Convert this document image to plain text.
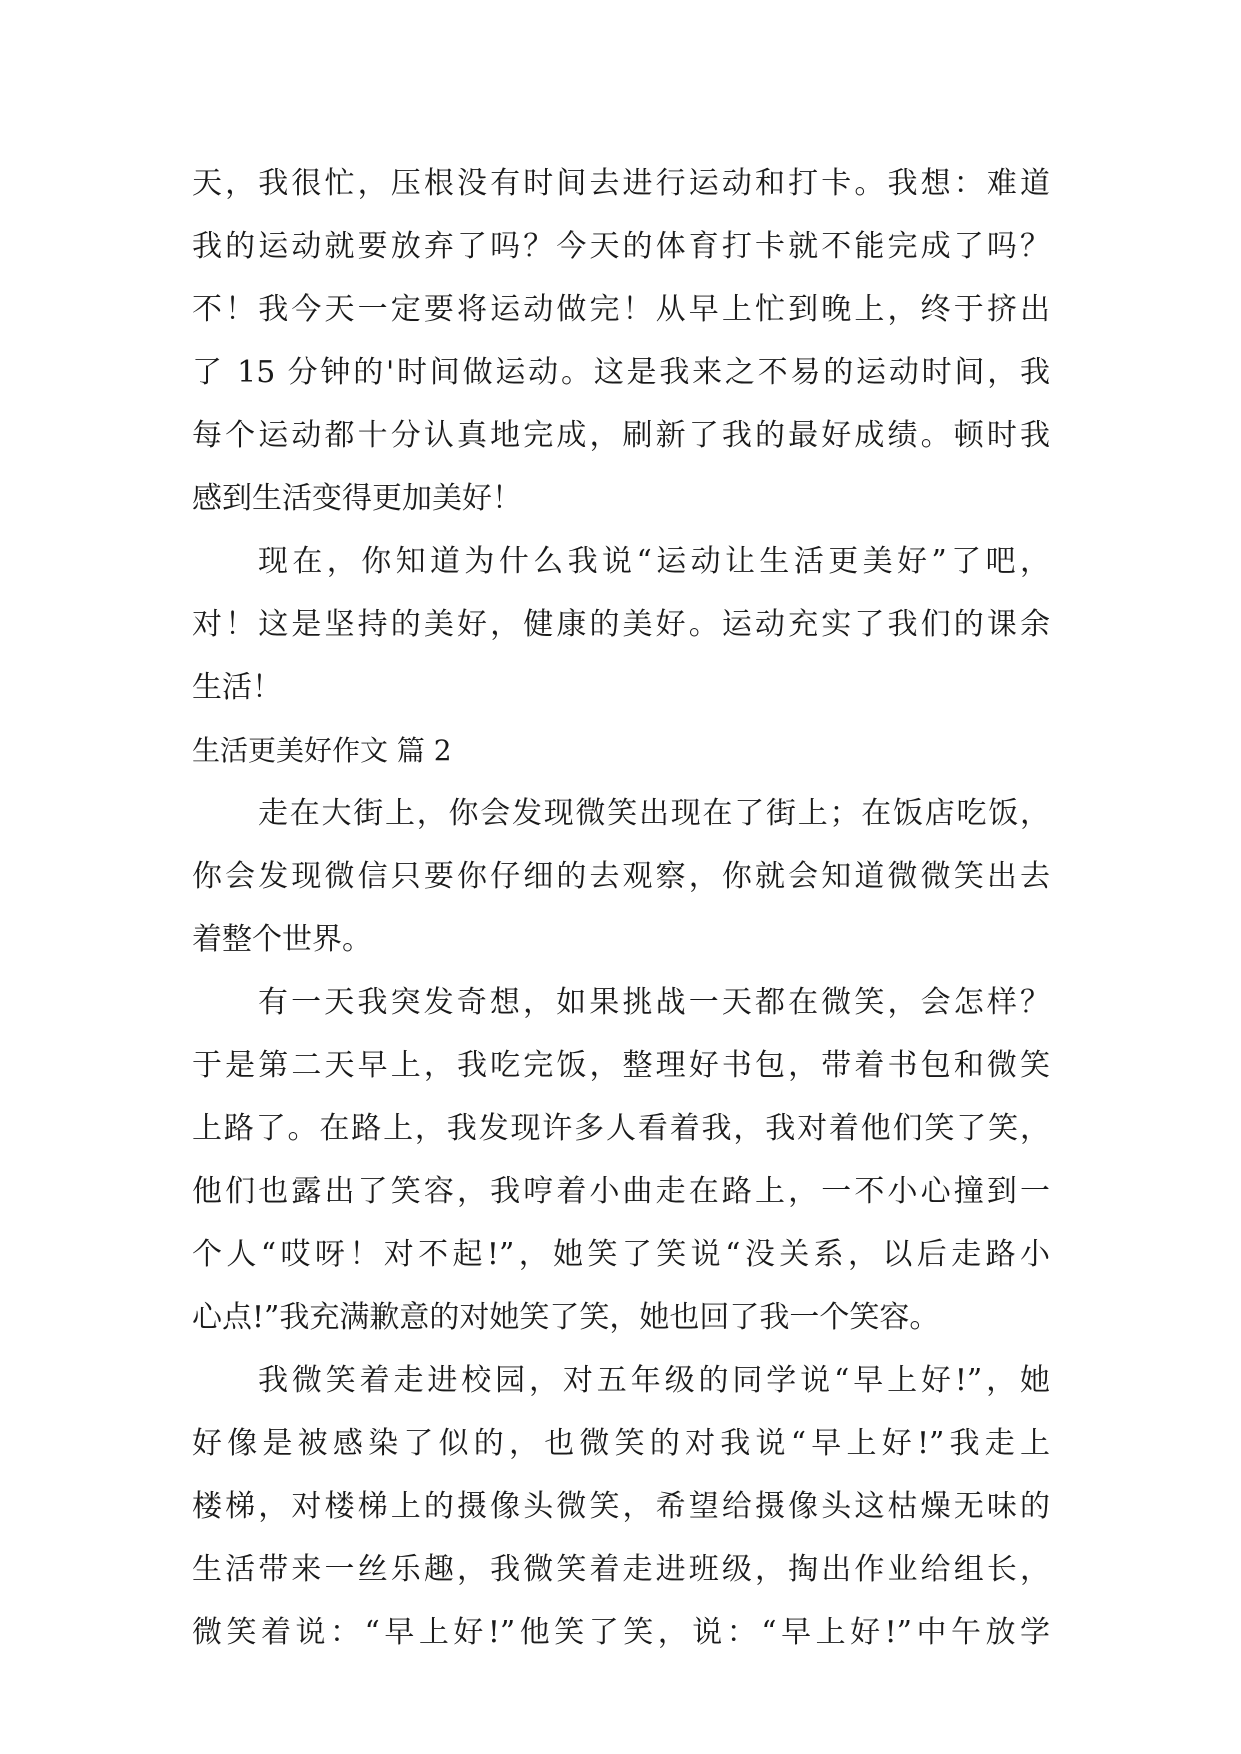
天，我很忙，压根没有时间去进行运动和打卡。我想：难道
我的运动就要放弃了吗？今天的体育打卡就不能完成了吗？
不！我今天一定要将运动做完！从早上忙到晚上，终于挤出
了 15 分钟的'时间做运动。这是我来之不易的运动时间，我
每个运动都十分认真地完成，刷新了我的最好成绩。顿时我
感到生活变得更加美好！
现在，你知道为什么我说“运动让生活更美好”了吧，
对！这是坚持的美好，健康的美好。运动充实了我们的课余
生活！
生活更美好作文 篇 2
走在大街上，你会发现微笑出现在了街上；在饭店吃饭，
你会发现微信只要你仔细的去观察，你就会知道微微笑出去
着整个世界。
有一天我突发奇想，如果挑战一天都在微笑，会怎样？
于是第二天早上，我吃完饭，整理好书包，带着书包和微笑
上路了。在路上，我发现许多人看着我，我对着他们笑了笑，
他们也露出了笑容，我哼着小曲走在路上，一不小心撞到一
个人“哎呀！对不起!”，她笑了笑说“没关系，以后走路小
心点!”我充满歉意的对她笑了笑，她也回了我一个笑容。
我微笑着走进校园，对五年级的同学说“早上好!”，她
好像是被感染了似的，也微笑的对我说“早上好!”我走上
楼梯，对楼梯上的摄像头微笑，希望给摄像头这枯燥无味的
生活带来一丝乐趣，我微笑着走进班级，掏出作业给组长，
微笑着说：“早上好!”他笑了笑，说：“早上好!”中午放学
